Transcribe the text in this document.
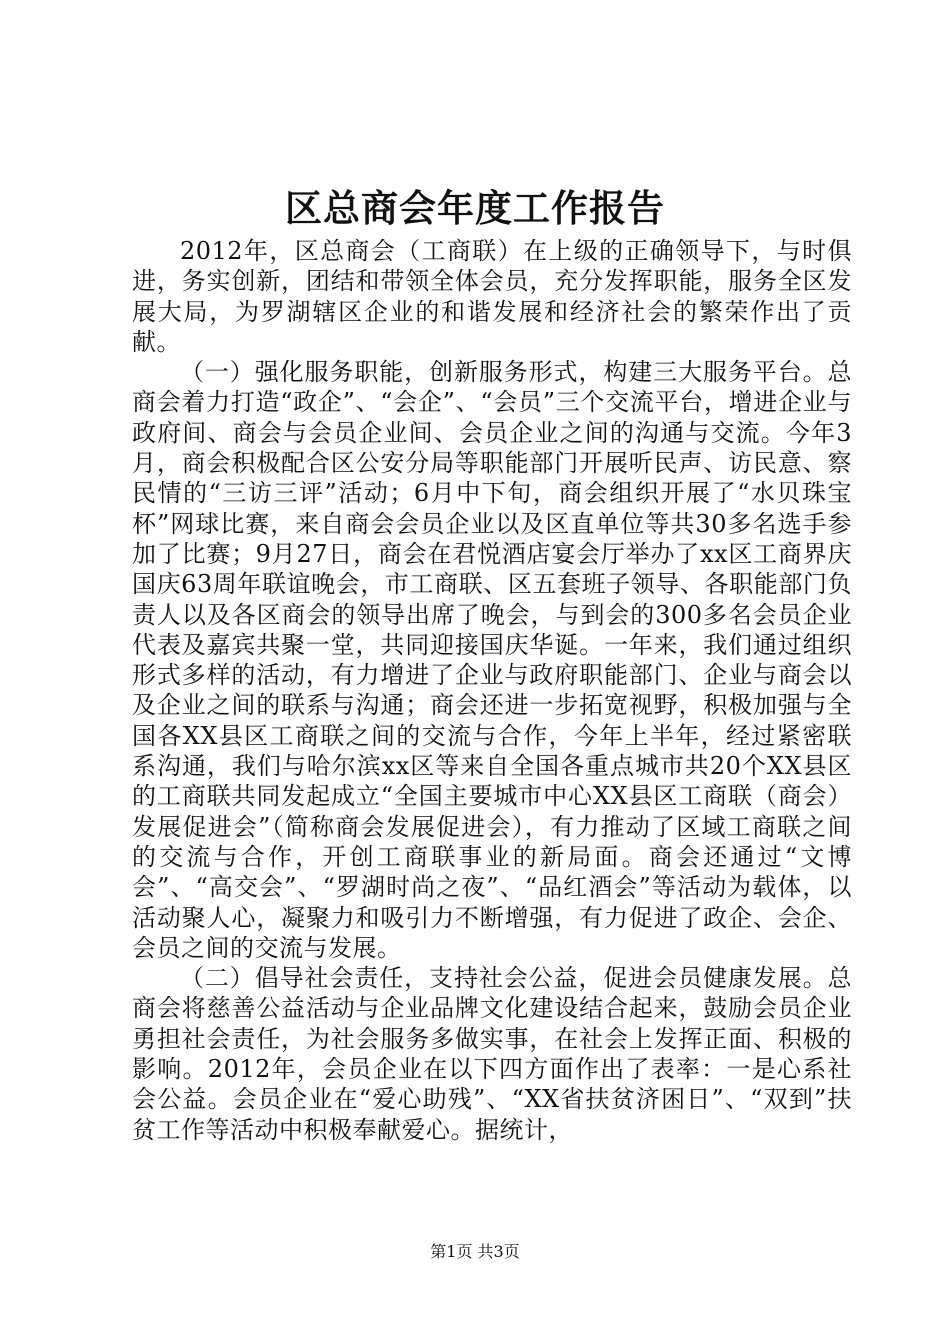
区总商会年度工作报告

2012年，区总商会（工商联）在上级的正确领导下，与时俱进，务实创新，团结和带领全体会员，充分发挥职能，服务全区发展大局，为罗湖辖区企业的和谐发展和经济社会的繁荣作出了贡献。

（一）强化服务职能，创新服务形式，构建三大服务平台。总商会着力打造“政企”、“会企”、“会员”三个交流平台，增进企业与政府间、商会与会员企业间、会员企业之间的沟通与交流。今年3月，商会积极配合区公安分局等职能部门开展听民声、访民意、察民情的“三访三评”活动；6月中下旬，商会组织开展了“水贝珠宝杯”网球比赛，来自商会会员企业以及区直单位等共30多名选手参加了比赛；9月27日，商会在君悦酒店宴会厅举办了xx区工商界庆国庆63周年联谊晚会，市工商联、区五套班子领导、各职能部门负责人以及各区商会的领导出席了晚会，与到会的300多名会员企业代表及嘉宾共聚一堂，共同迎接国庆华诞。一年来，我们通过组织形式多样的活动，有力增进了企业与政府职能部门、企业与商会以及企业之间的联系与沟通；商会还进一步拓宽视野，积极加强与全国各XX县区工商联之间的交流与合作，今年上半年，经过紧密联系沟通，我们与哈尔滨xx区等来自全国各重点城市共20个XX县区的工商联共同发起成立“全国主要城市中心XX县区工商联（商会）发展促进会”（简称商会发展促进会），有力推动了区域工商联之间的交流与合作，开创工商联事业的新局面。商会还通过“文博会”、“高交会”、“罗湖时尚之夜”、“品红酒会”等活动为载体，以活动聚人心，凝聚力和吸引力不断增强，有力促进了政企、会企、会员之间的交流与发展。

（二）倡导社会责任，支持社会公益，促进会员健康发展。总商会将慈善公益活动与企业品牌文化建设结合起来，鼓励会员企业勇担社会责任，为社会服务多做实事，在社会上发挥正面、积极的影响。2012年，会员企业在以下四方面作出了表率：一是心系社会公益。会员企业在“爱心助残”、“XX省扶贫济困日”、“双到”扶贫工作等活动中积极奉献爱心。据统计，

第1页 共3页
